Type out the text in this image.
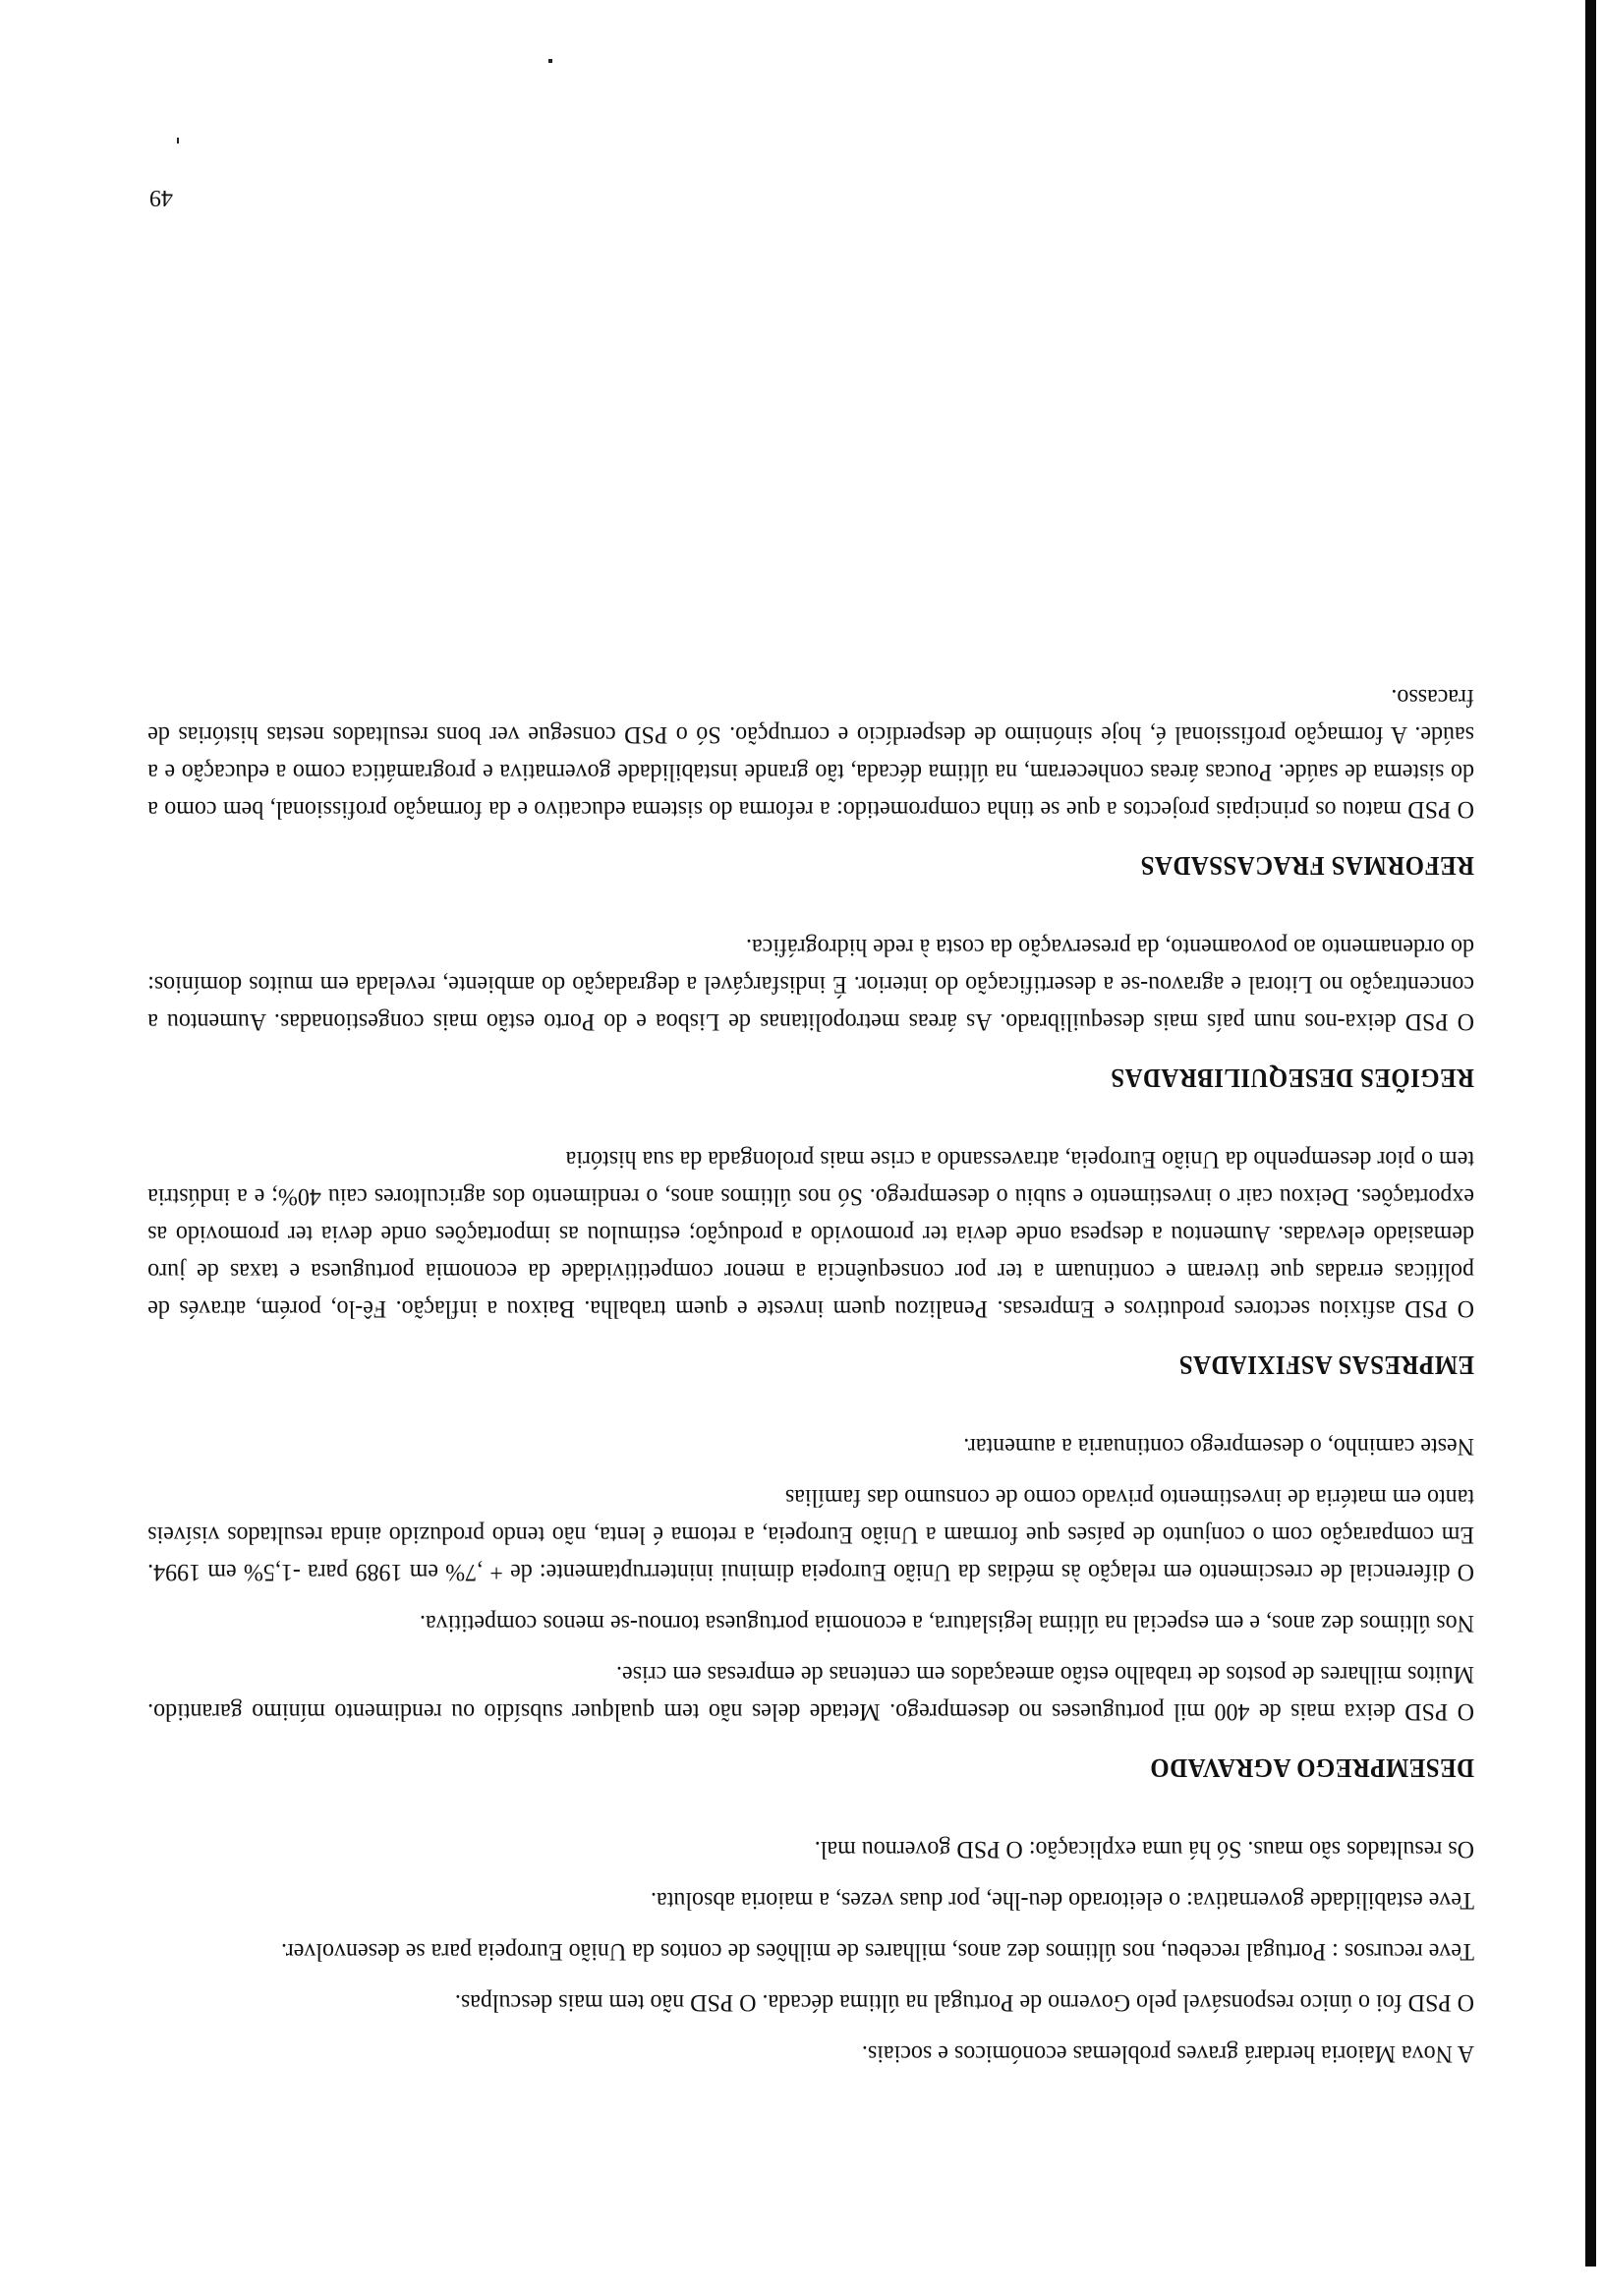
A Nova Maioria herdará graves problemas económicos e sociais.

O PSD foi o único responsável pelo Governo de Portugal na última década. O PSD não tem mais desculpas.

Teve recursos : Portugal recebeu, nos últimos dez anos, milhares de milhões de contos da União Europeia para se desenvolver.

Teve estabilidade governativa: o eleitorado deu-lhe, por duas vezes, a maioria absoluta.

Os resultados são maus. Só há uma explicação: O PSD governou mal.

DESEMPREGO AGRAVADO

O PSD deixa mais de 400 mil portugueses no desemprego. Metade deles não tem qualquer subsídio ou rendimento mínimo garantido. Muitos milhares de postos de trabalho estão ameaçados em centenas de empresas em crise.

Nos últimos dez anos, e em especial na última legislatura, a economia portuguesa tornou-se menos competitiva.

O diferencial de crescimento em relação às médias da União Europeia diminui ininterruptamente: de + ,7% em 1989 para -1,5% em 1994. Em comparação com o conjunto de países que formam a União Europeia, a retoma é lenta, não tendo produzido ainda resultados visíveis tanto em matéria de investimento privado como de consumo das famílias

Neste caminho, o desemprego continuaria a aumentar.

EMPRESAS ASFIXIADAS

O PSD asfixiou sectores produtivos e Empresas. Penalizou quem investe e quem trabalha. Baixou a inflação. Fê-lo, porém, através de políticas erradas que tiveram e continuam a ter por consequência a menor competitividade da economia portuguesa e taxas de juro demasiado elevadas. Aumentou a despesa onde devia ter promovido a produção; estimulou as importações onde devia ter promovido as exportações. Deixou cair o investimento e subiu o desemprego. Só nos últimos anos, o rendimento dos agricultores caiu 40%; e a indústria tem o pior desempenho da União Europeia, atravessando a crise mais prolongada da sua história

REGIÕES DESEQUILIBRADAS

O PSD deixa-nos num país mais desequilibrado. As áreas metropolitanas de Lisboa e do Porto estão mais congestionadas. Aumentou a concentração no Litoral e agravou-se a desertificação do interior. É indisfarçável a degradação do ambiente, revelada em muitos domínios: do ordenamento ao povoamento, da preservação da costa à rede hidrográfica.

REFORMAS FRACASSADAS

O PSD matou os principais projectos a que se tinha comprometido: a reforma do sistema educativo e da formação profissional, bem como a do sistema de saúde. Poucas áreas conheceram, na última década, tão grande instabilidade governativa e programática como a educação e a saúde. A formação profissional é, hoje sinónimo de desperdício e corrupção. Só o PSD consegue ver bons resultados nestas histórias de fracasso.

49
